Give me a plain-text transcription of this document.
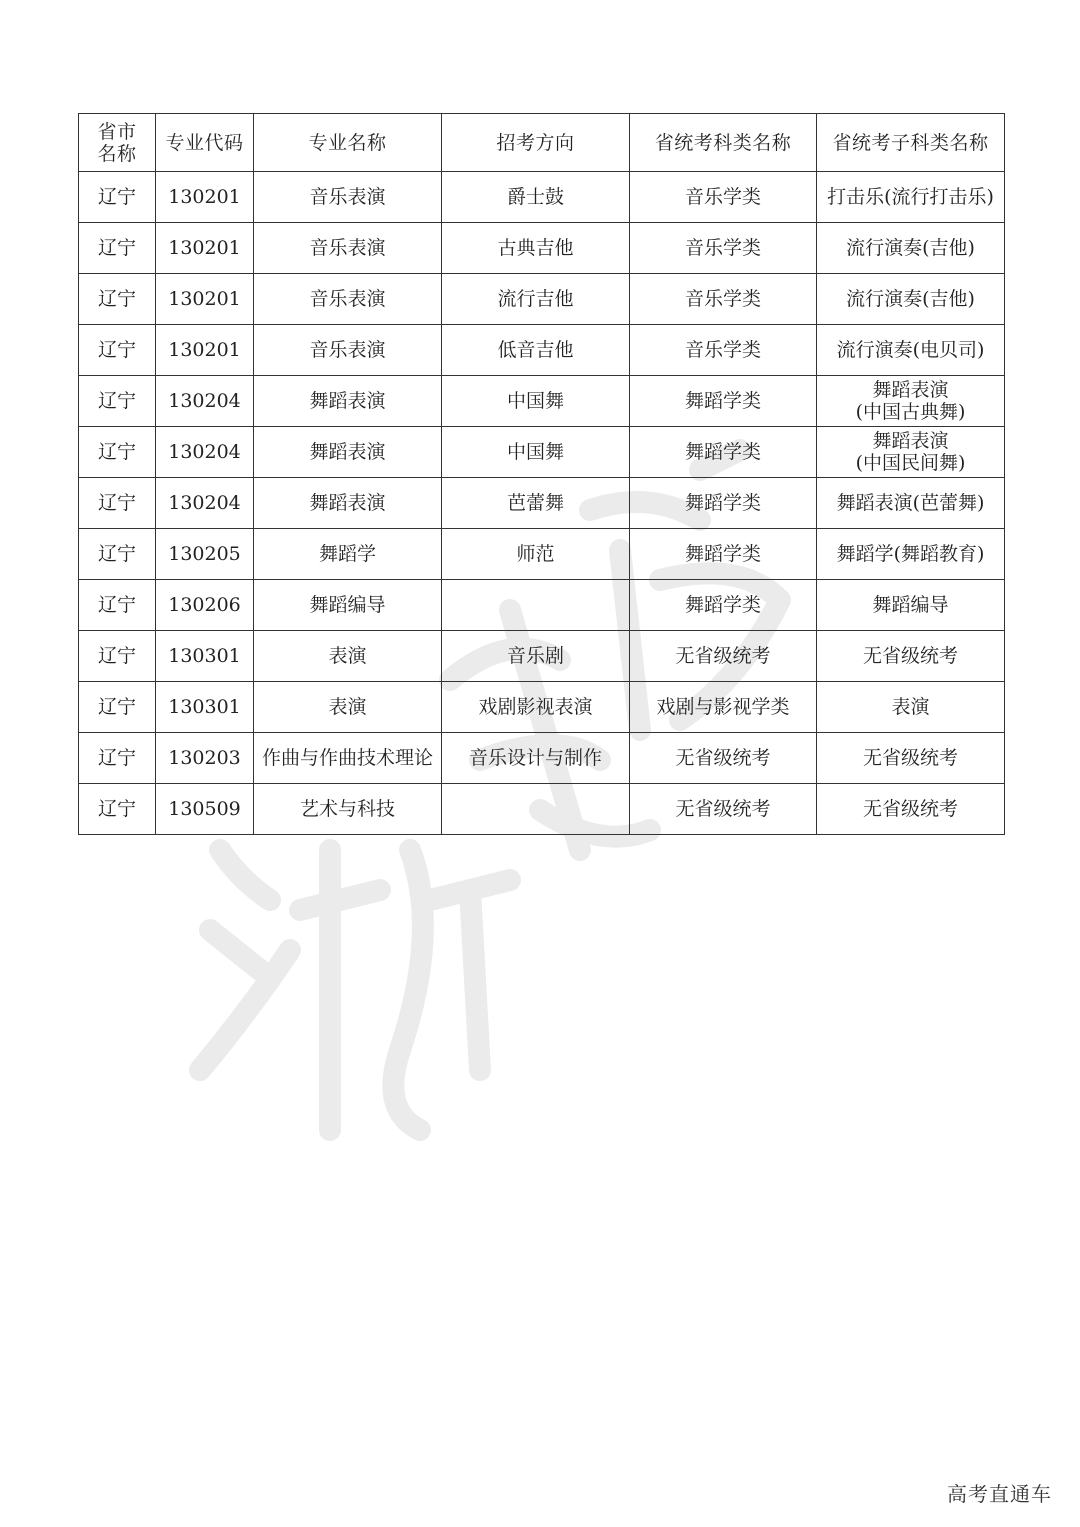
省市
名称	专业代码	专业名称	招考方向	省统考科类名称	省统考子科类名称
辽宁	130201	音乐表演	爵士鼓	音乐学类	打击乐(流行打击乐)

辽宁	130201	音乐表演	古典吉他	音乐学类	流行演奏(吉他)

辽宁	130201	音乐表演	流行吉他	音乐学类	流行演奏(吉他)

辽宁	130201	音乐表演	低音吉他	音乐学类	流行演奏(电贝司)

辽宁	130204	舞蹈表演	中国舞	舞蹈学类	舞蹈表演
(中国古典舞)

辽宁	130204	舞蹈表演	中国舞	舞蹈学类	舞蹈表演
(中国民间舞)

辽宁	130204	舞蹈表演	芭蕾舞	舞蹈学类	舞蹈表演(芭蕾舞)

辽宁	130205	舞蹈学	师范	舞蹈学类	舞蹈学(舞蹈教育)

辽宁	130206	舞蹈编导		舞蹈学类	舞蹈编导

辽宁	130301	表演	音乐剧	无省级统考	无省级统考

辽宁	130301	表演	戏剧影视表演	戏剧与影视学类	表演

辽宁	130203	作曲与作曲技术理论	音乐设计与制作	无省级统考	无省级统考

辽宁	130509	艺术与科技		无省级统考	无省级统考
高考直通车
